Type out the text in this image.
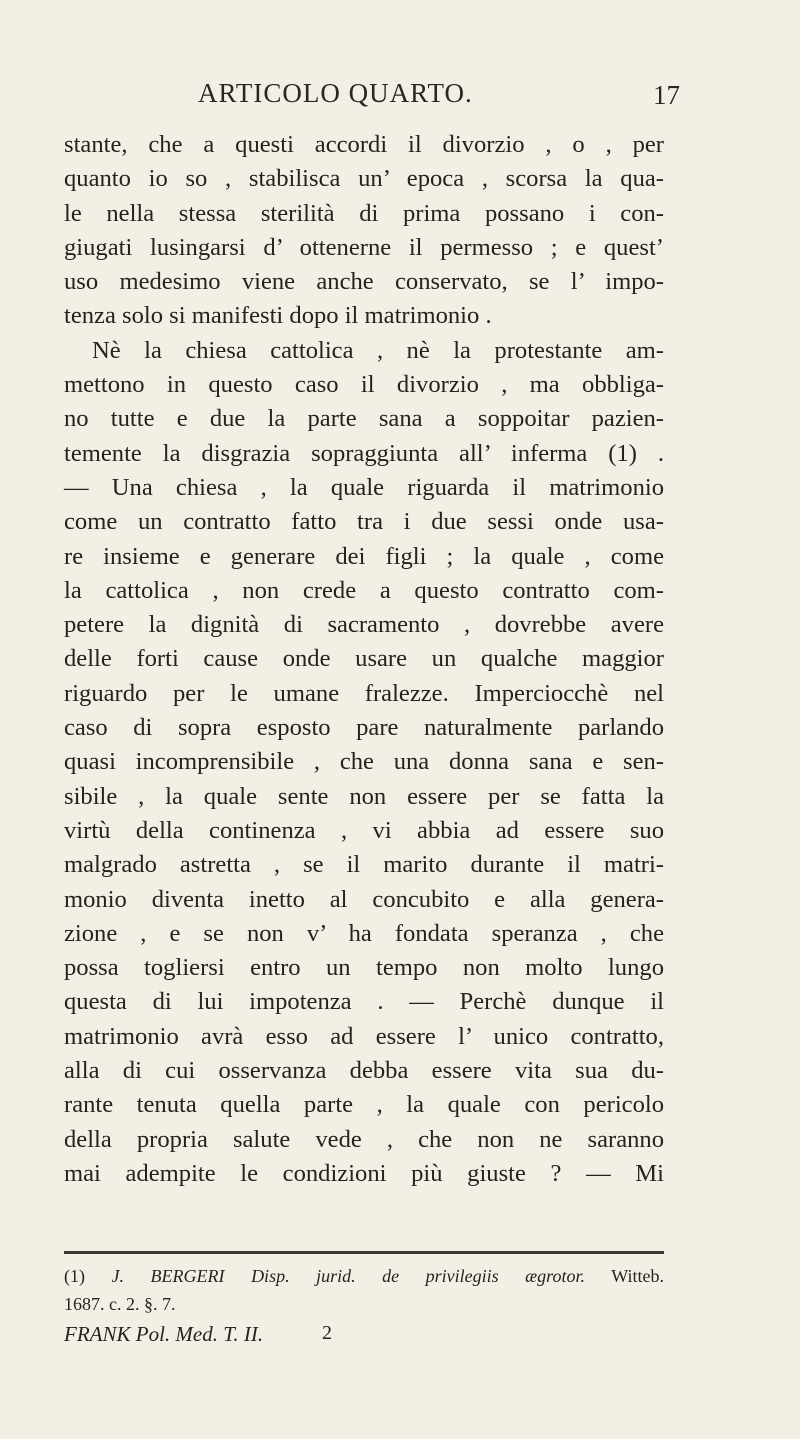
ARTICOLO QUARTO.	17
stante, che a questi accordi il divorzio , o , per
quanto io so , stabilisca un’ epoca , scorsa la qua-
le nella stessa sterilità di prima possano i con-
giugati lusingarsi d’ ottenerne il permesso ; e quest’
uso medesimo viene anche conservato, se l’ impo-
tenza solo si manifesti dopo il matrimonio .
Nè la chiesa cattolica , nè la protestante am-
mettono in questo caso il divorzio , ma obbliga-
no tutte e due la parte sana a soppoitar pazien-
temente la disgrazia sopraggiunta all’ inferma (1) .
— Una chiesa , la quale riguarda il matrimonio
come un contratto fatto tra i due sessi onde usa-
re insieme e generare dei figli ; la quale , come
la cattolica , non crede a questo contratto com-
petere la dignità di sacramento , dovrebbe avere
delle forti cause onde usare un qualche maggior
riguardo per le umane fralezze. Imperciocchè nel
caso di sopra esposto pare naturalmente parlando
quasi incomprensibile , che una donna sana e sen-
sibile , la quale sente non essere per se fatta la
virtù della continenza , vi abbia ad essere suo
malgrado astretta , se il marito durante il matri-
monio diventa inetto al concubito e alla genera-
zione , e se non v’ ha fondata speranza , che
possa togliersi entro un tempo non molto lungo
questa di lui impotenza . — Perchè dunque il
matrimonio avrà esso ad essere l’ unico contratto,
alla di cui osservanza debba essere vita sua du-
rante tenuta quella parte , la quale con pericolo
della propria salute vede , che non ne saranno
mai adempite le condizioni più giuste ? — Mi
(1) J. BERGERI Disp. jurid. de privilegiis ægrotor. Witteb.
1687. c. 2. §. 7.
FRANK Pol. Med. T. II.	2
